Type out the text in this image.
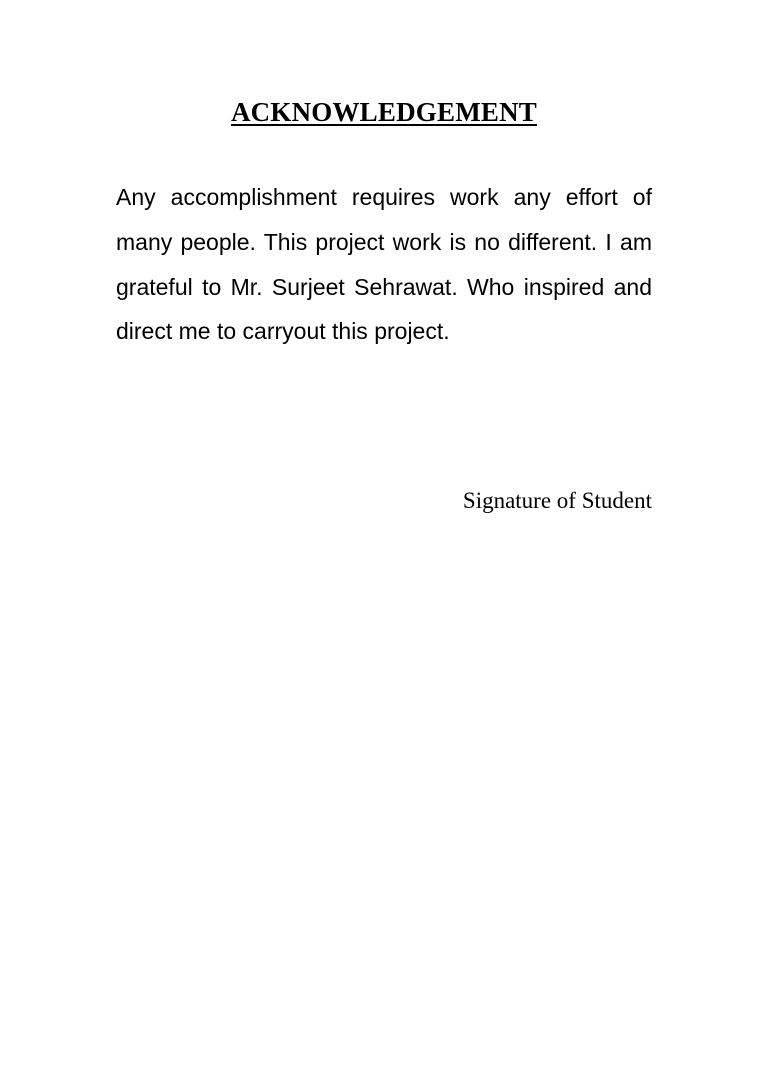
ACKNOWLEDGEMENT

Any accomplishment requires work any effort of many people. This project work is no different. I am grateful to Mr. Surjeet Sehrawat. Who inspired and direct me to carryout this project.

Signature of Student
